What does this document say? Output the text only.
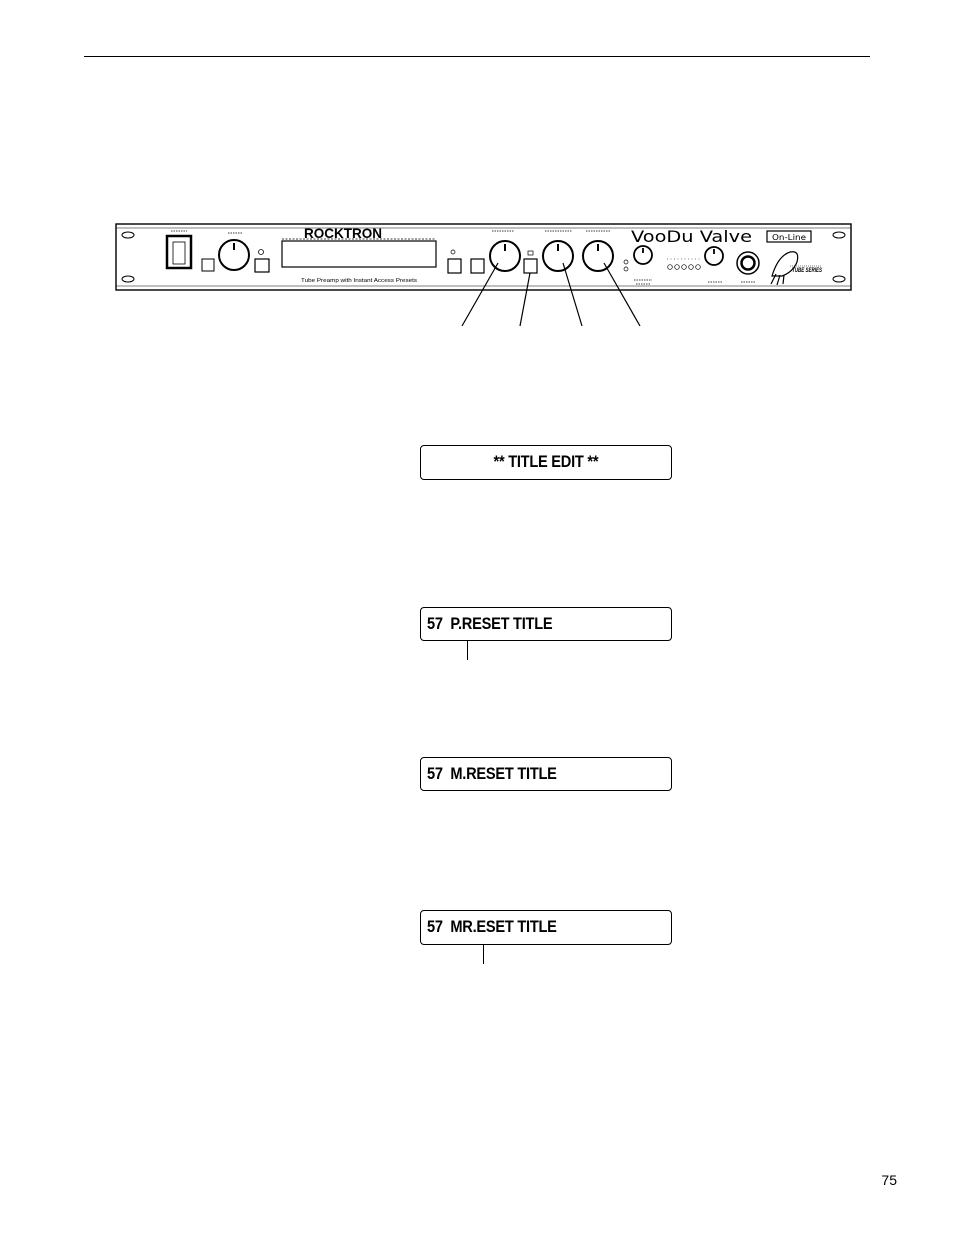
ROCKTRON
Tube Preamp with Instant Access Presets
VooDu Valve	On-Line
TUBE SERIES
** TITLE EDIT **
57  P.RESET TITLE
57  M.RESET TITLE
57  MR.ESET TITLE
75
